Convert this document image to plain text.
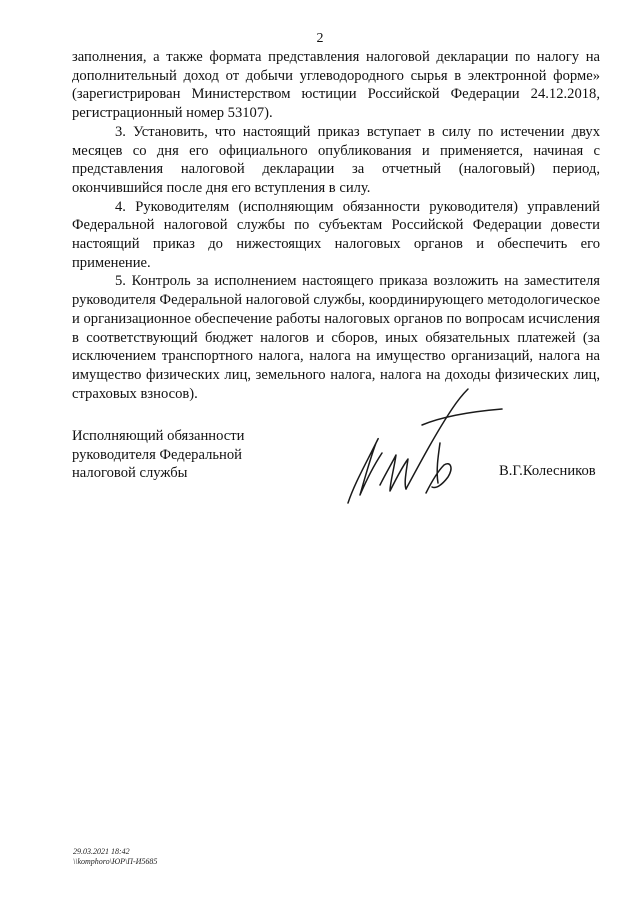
2

заполнения, а также формата представления налоговой декларации по налогу на дополнительный доход от добычи углеводородного сырья в электронной форме» (зарегистрирован Министерством юстиции Российской Федерации 24.12.2018, регистрационный номер 53107).

3. Установить, что настоящий приказ вступает в силу по истечении двух месяцев со дня его официального опубликования и применяется, начиная с представления налоговой декларации за отчетный (налоговый) период, окончившийся после дня его вступления в силу.

4. Руководителям (исполняющим обязанности руководителя) управлений Федеральной налоговой службы по субъектам Российской Федерации довести настоящий приказ до нижестоящих налоговых органов и обеспечить его применение.

5. Контроль за исполнением настоящего приказа возложить на заместителя руководителя Федеральной налоговой службы, координирующего методологическое и организационное обеспечение работы налоговых органов по вопросам исчисления в соответствующий бюджет налогов и сборов, иных обязательных платежей (за исключением транспортного налога, налога на имущество организаций, налога на имущество физических лиц, земельного налога, налога на доходы физических лиц, страховых взносов).

Исполняющий обязанности
руководителя Федеральной
налоговой службы	В.Г.Колесников
29.03.2021 18:42
\\komphoro\ЮР\П-И5685
